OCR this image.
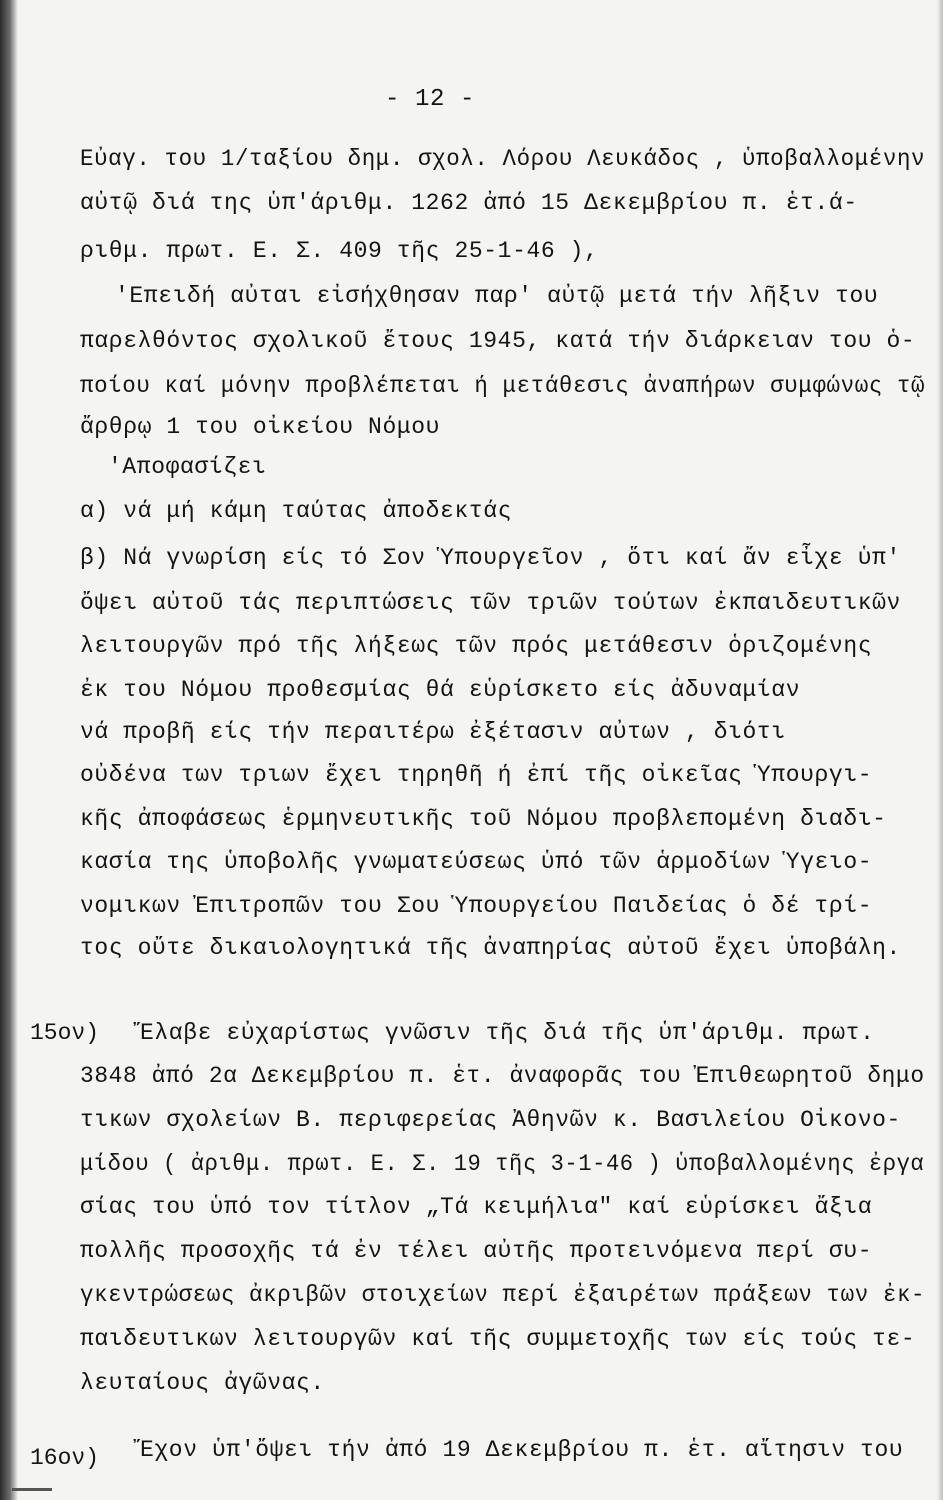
- 12 -
Εὐαγ. του 1/ταξίου δημ. σχολ. Λόρου Λευκάδος , ὑποβαλλομένην
αὐτῷ διά της ὑπ'άριθμ. 1262 ἀπό 15 Δεκεμβρίου π. ἑτ.ά-
ριθμ. πρωτ. Ε. Σ. 409 τῆς 25-1-46 ),
'Επειδή αὐται εἰσήχθησαν παρ' αὐτῷ μετά τήν λῆξιν του
παρελθόντος σχολικοῦ ἔτους 1945, κατά τήν διάρκειαν του ὁ-
ποίου καί μόνην προβλέπεται ή μετάθεσις ἀναπήρων συμφώνως τῷ
ἄρθρῳ 1 του οἰκείου Νόμου
'Αποφασίζει
α) νά μή κάμη ταύτας ἀποδεκτάς
β) Νά γνωρίση είς τό Σον Ὑπουργεῖον , ὅτι καί ἄν εἶχε ὑπ'
ὄψει αὐτοῦ τάς περιπτώσεις τῶν τριῶν τούτων ἐκπαιδευτικῶν
λειτουργῶν πρό τῆς λήξεως τῶν πρός μετάθεσιν ὁριζομένης
ἐκ του Νόμου προθεσμίας θά εὑρίσκετο είς ἀδυναμίαν
νά προβῆ είς τήν περαιτέρω ἐξέτασιν αὐτων , διότι
οὐδένα των τριων ἔχει τηρηθῆ ή ἐπί τῆς οἰκεῖας Ὑπουργι-
κῆς ἀποφάσεως ἑρμηνευτικῆς τοῦ Νόμου προβλεπομένη διαδι-
κασία της ὑποβολῆς γνωματεύσεως ὑπό τῶν ἁρμοδίων Ὑγειο-
νομικων Ἐπιτροπῶν του Σου Ὑπουργείου Παιδείας ὁ δέ τρί-
τος οὔτε δικαιολογητικά τῆς ἀναπηρίας αὐτοῦ ἔχει ὑποβάλη.
15ον) Ἔλαβε εὐχαρίστως γνῶσιν τῆς διά τῆς ὑπ'άριθμ. πρωτ.
3848 ἀπό 2α Δεκεμβρίου π. ἑτ. ἀναφορᾶς του Ἐπιθεωρητοῦ δημο
τικων σχολείων Β. περιφερείας Ἀθηνῶν κ. Βασιλείου Οἰκονο-
μίδου ( ἀριθμ. πρωτ. Ε. Σ. 19 τῆς 3-1-46 ) ὑποβαλλομένης ἐργα
σίας του ὑπό τον τίτλον „Τά κειμήλια" καί εὑρίσκει ἄξια
πολλῆς προσοχῆς τά ἐν τέλει αὐτῆς προτεινόμενα περί συ-
γκεντρώσεως ἀκριβῶν στοιχείων περί ἐξαιρέτων πράξεων των ἐκ-
παιδευτικων λειτουργῶν καί τῆς συμμετοχῆς των είς τούς τε-
λευταίους ἀγῶνας.
16ον) Ἔχον ὑπ'ὄψει τήν ἀπό 19 Δεκεμβρίου π. ἑτ. αἴτησιν του
